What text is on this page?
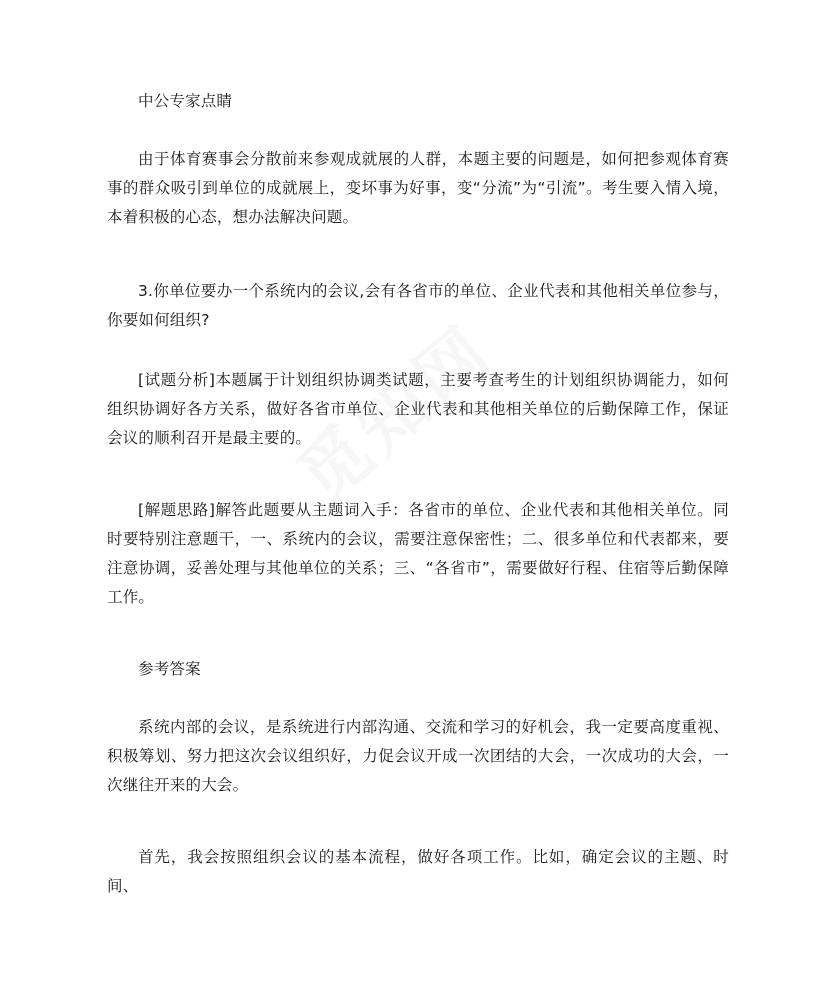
中公专家点睛

由于体育赛事会分散前来参观成就展的人群，本题主要的问题是，如何把参观体育赛事的群众吸引到单位的成就展上，变坏事为好事，变“分流”为“引流”。考生要入情入境，本着积极的心态，想办法解决问题。

3.你单位要办一个系统内的会议,会有各省市的单位、企业代表和其他相关单位参与，你要如何组织?

[试题分析]本题属于计划组织协调类试题，主要考查考生的计划组织协调能力，如何组织协调好各方关系，做好各省市单位、企业代表和其他相关单位的后勤保障工作，保证会议的顺利召开是最主要的。

[解题思路]解答此题要从主题词入手：各省市的单位、企业代表和其他相关单位。同时要特别注意题干，一、系统内的会议，需要注意保密性；二、很多单位和代表都来，要注意协调，妥善处理与其他单位的关系；三、“各省市”，需要做好行程、住宿等后勤保障工作。

参考答案

系统内部的会议，是系统进行内部沟通、交流和学习的好机会，我一定要高度重视、积极筹划、努力把这次会议组织好，力促会议开成一次团结的大会，一次成功的大会，一次继往开来的大会。

首先，我会按照组织会议的基本流程，做好各项工作。比如，确定会议的主题、时间、
